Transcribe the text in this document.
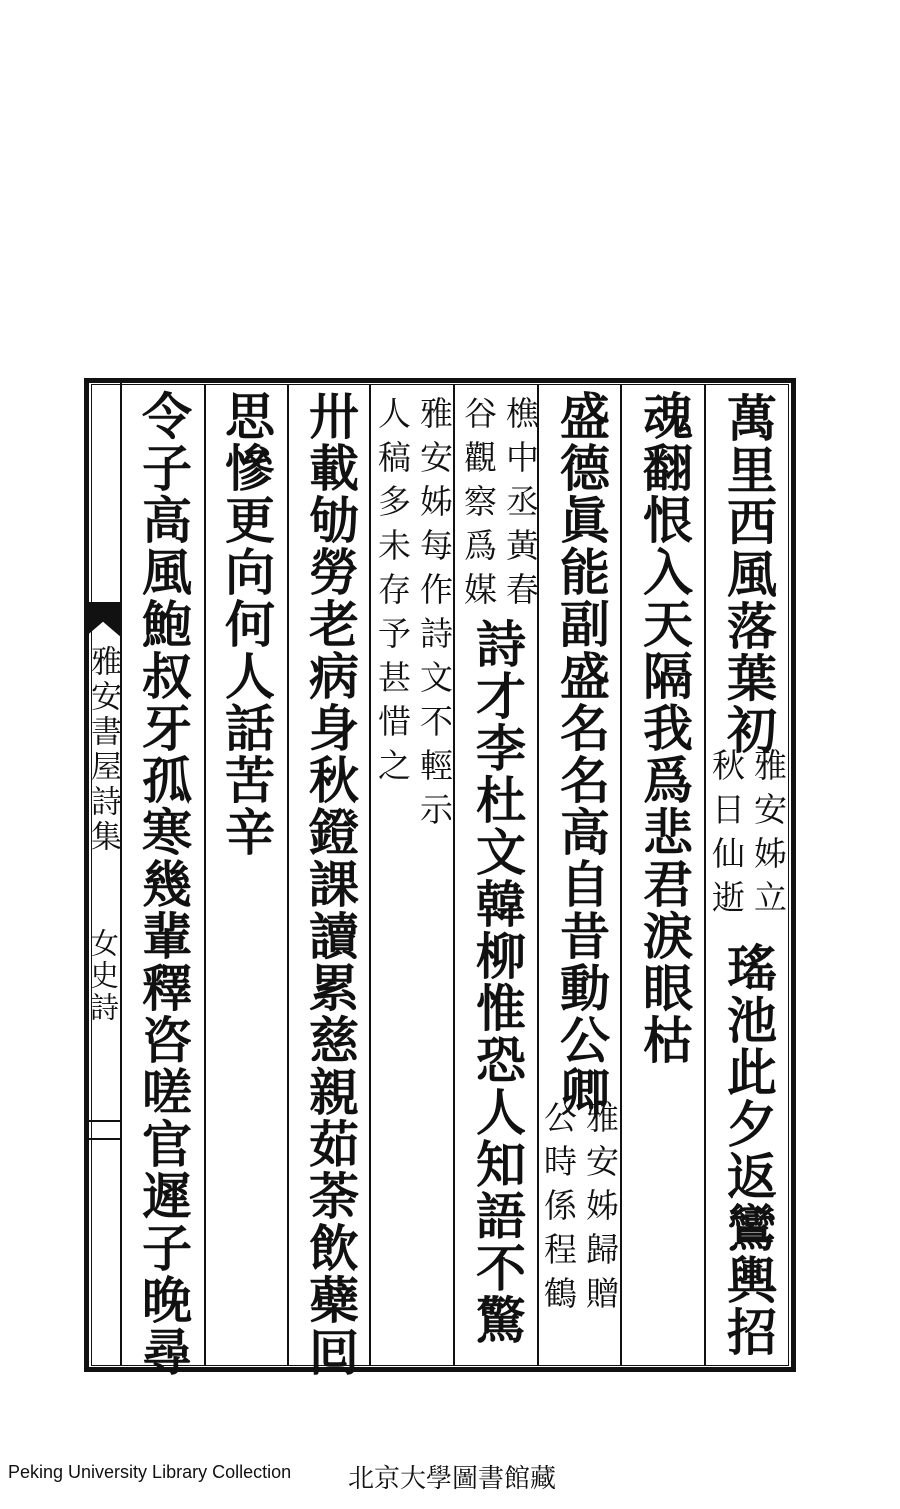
雅安書屋詩集
女史詩
萬里西風落葉初
雅安姊立
秋日仙逝
瑤池此夕返鸞輿招
魂翻恨入天隔我爲悲君淚眼枯
盛德眞能副盛名名高自昔動公卿
雅安姊歸贈
公時係程鶴
樵中丞黃春
谷觀察爲媒
詩才李杜文韓柳惟恐人知語不驚
雅安姊每作詩文不輕示
人稿多未存予甚惜之
卅載劬勞老病身秋鐙課讀累慈親茹荼飲蘗囘
思慘更向何人話苦辛
令子高風鮑叔牙孤寒幾輩釋咨嗟官遲子晚尋
Peking University Library Collection 北京大學圖書館藏
